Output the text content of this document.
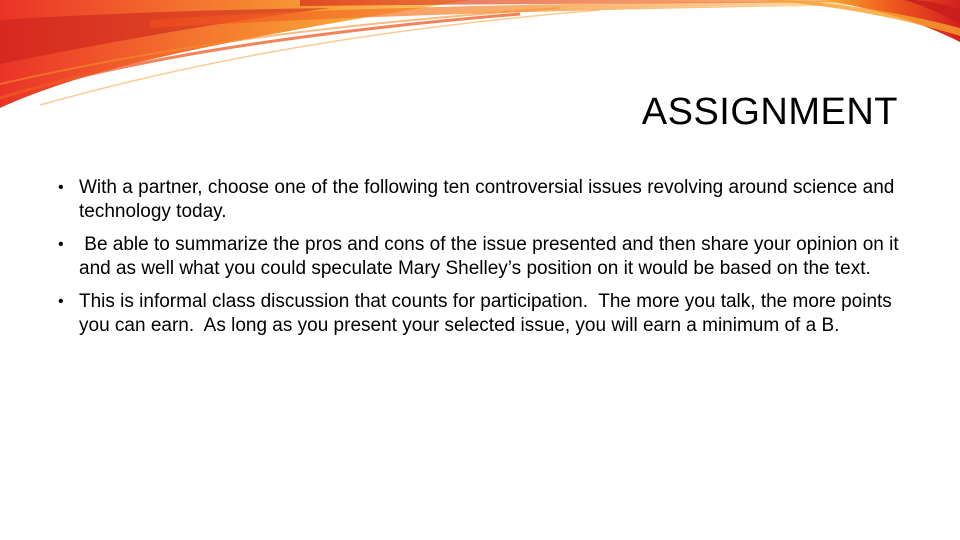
ASSIGNMENT
• With a partner, choose one of the following ten controversial issues revolving around science and technology today.
• Be able to summarize the pros and cons of the issue presented and then share your opinion on it and as well what you could speculate Mary Shelley’s position on it would be based on the text.
• This is informal class discussion that counts for participation.  The more you talk, the more points you can earn.  As long as you present your selected issue, you will earn a minimum of a B.
